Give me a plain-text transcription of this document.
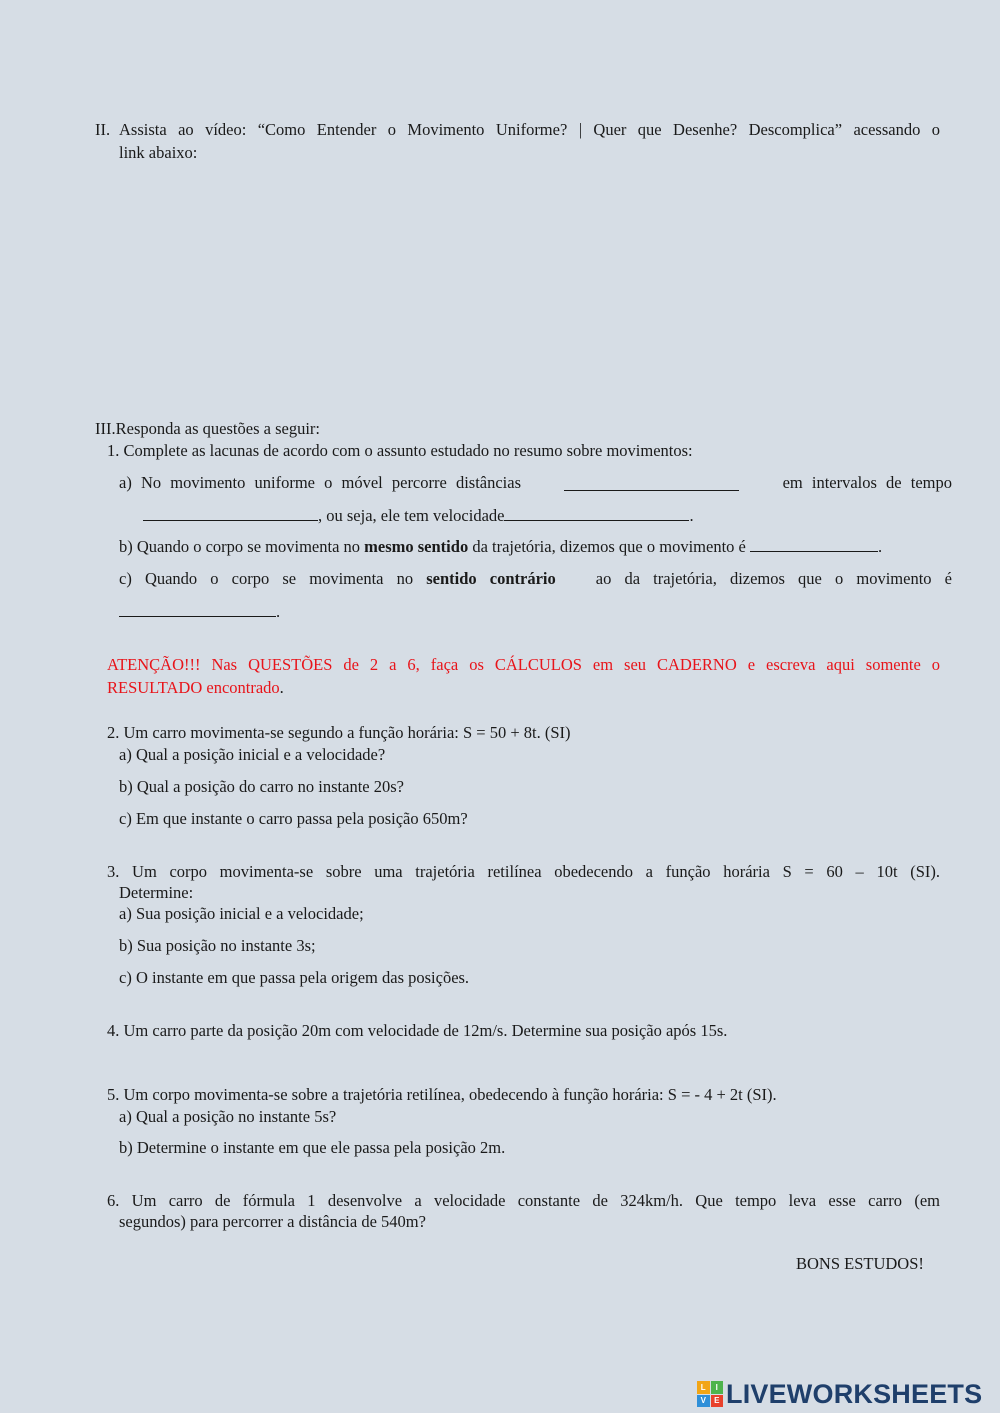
II. Assista ao vídeo: “Como Entender o Movimento Uniforme? | Quer que Desenhe? Descomplica” acessando o
link abaixo:
III.Responda as questões a seguir:
1. Complete as lacunas de acordo com o assunto estudado no resumo sobre movimentos:
a) No movimento uniforme o móvel percorre distâncias	em intervalos de tempo
, ou seja, ele tem velocidade	.
b) Quando o corpo se movimenta no mesmo sentido da trajetória, dizemos que o movimento é	.
c) Quando o corpo se movimenta no sentido contrário ao da trajetória, dizemos que o movimento é
.
ATENÇÃO!!! Nas QUESTÕES de 2 a 6, faça os CÁLCULOS em seu CADERNO e escreva aqui somente o
RESULTADO encontrado.
2. Um carro movimenta-se segundo a função horária: S = 50 + 8t. (SI)
a) Qual a posição inicial e a velocidade?
b) Qual a posição do carro no instante 20s?
c) Em que instante o carro passa pela posição 650m?
3. Um corpo movimenta-se sobre uma trajetória retilínea obedecendo a função horária S = 60 – 10t (SI).
Determine:
a) Sua posição inicial e a velocidade;
b) Sua posição no instante 3s;
c) O instante em que passa pela origem das posições.
4. Um carro parte da posição 20m com velocidade de 12m/s. Determine sua posição após 15s.
5. Um corpo movimenta-se sobre a trajetória retilínea, obedecendo à função horária: S = - 4 + 2t (SI).
a) Qual a posição no instante 5s?
b) Determine o instante em que ele passa pela posição 2m.
6. Um carro de fórmula 1 desenvolve a velocidade constante de 324km/h. Que tempo leva esse carro (em
segundos) para percorrer a distância de 540m?
BONS ESTUDOS!
L	I
V	E LIVEWORKSHEETS
